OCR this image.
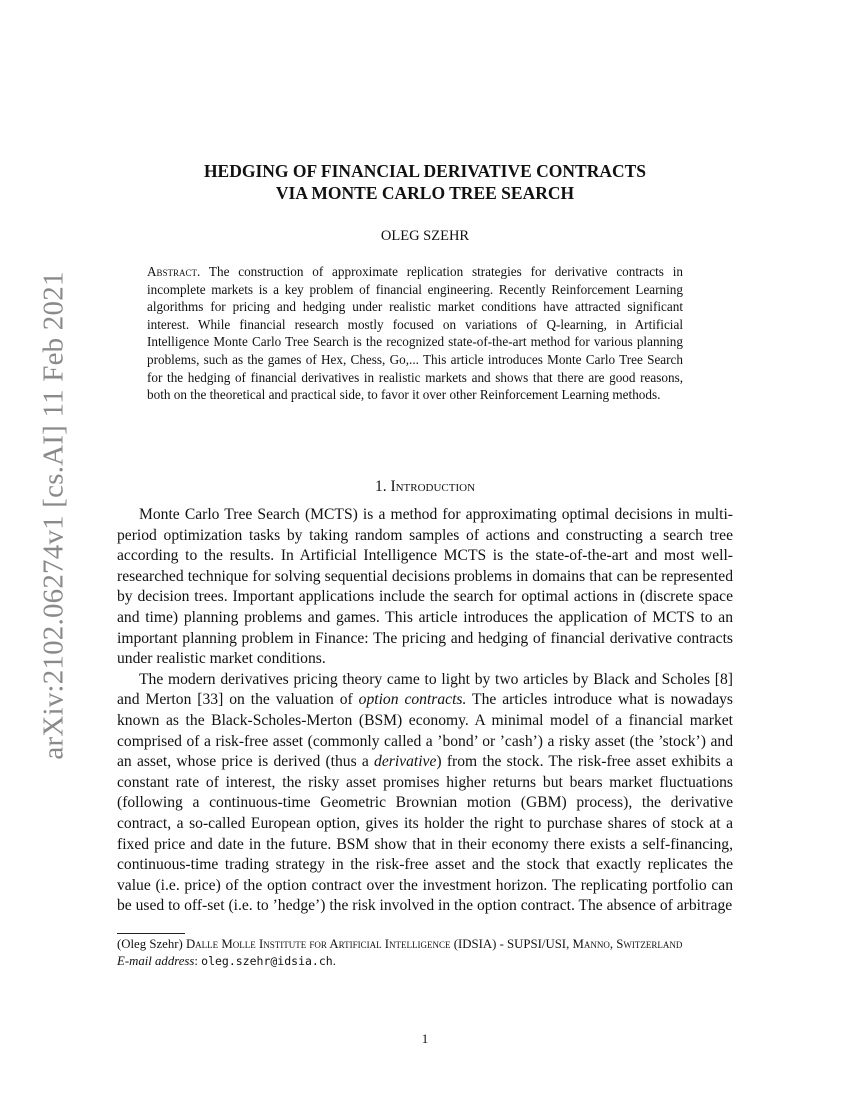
arXiv:2102.06274v1 [cs.AI] 11 Feb 2021
HEDGING OF FINANCIAL DERIVATIVE CONTRACTS
VIA MONTE CARLO TREE SEARCH
OLEG SZEHR
Abstract. The construction of approximate replication strategies for derivative contracts in incomplete markets is a key problem of financial engineering. Recently Reinforcement Learning algorithms for pricing and hedging under realistic market conditions have attracted significant interest. While financial research mostly focused on variations of Q-learning, in Artificial Intelligence Monte Carlo Tree Search is the recognized state-of-the-art method for various planning problems, such as the games of Hex, Chess, Go,... This article introduces Monte Carlo Tree Search for the hedging of financial derivatives in realistic markets and shows that there are good reasons, both on the theoretical and practical side, to favor it over other Reinforcement Learning methods.
1. Introduction

Monte Carlo Tree Search (MCTS) is a method for approximating optimal decisions in multi-period optimization tasks by taking random samples of actions and constructing a search tree according to the results. In Artificial Intelligence MCTS is the state-of-the-art and most well-researched technique for solving sequential decisions problems in domains that can be represented by decision trees. Important applications include the search for optimal actions in (discrete space and time) planning problems and games. This article introduces the application of MCTS to an important planning problem in Finance: The pricing and hedging of financial derivative contracts under realistic market conditions.

The modern derivatives pricing theory came to light by two articles by Black and Scholes [8] and Merton [33] on the valuation of option contracts. The articles introduce what is nowadays known as the Black-Scholes-Merton (BSM) economy. A minimal model of a financial market comprised of a risk-free asset (commonly called a ’bond’ or ’cash’) a risky asset (the ’stock’) and an asset, whose price is derived (thus a derivative) from the stock. The risk-free asset exhibits a constant rate of interest, the risky asset promises higher returns but bears market fluctuations (following a continuous-time Geometric Brownian motion (GBM) process), the derivative contract, a so-called European option, gives its holder the right to purchase shares of stock at a fixed price and date in the future. BSM show that in their economy there exists a self-financing, continuous-time trading strategy in the risk-free asset and the stock that exactly replicates the value (i.e. price) of the option contract over the investment horizon. The replicating portfolio can be used to off-set (i.e. to ’hedge’) the risk involved in the option contract. The absence of arbitrage

(Oleg Szehr) Dalle Molle Institute for Artificial Intelligence (IDSIA) - SUPSI/USI, Manno, Switzerland
E-mail address: oleg.szehr@idsia.ch.
1
